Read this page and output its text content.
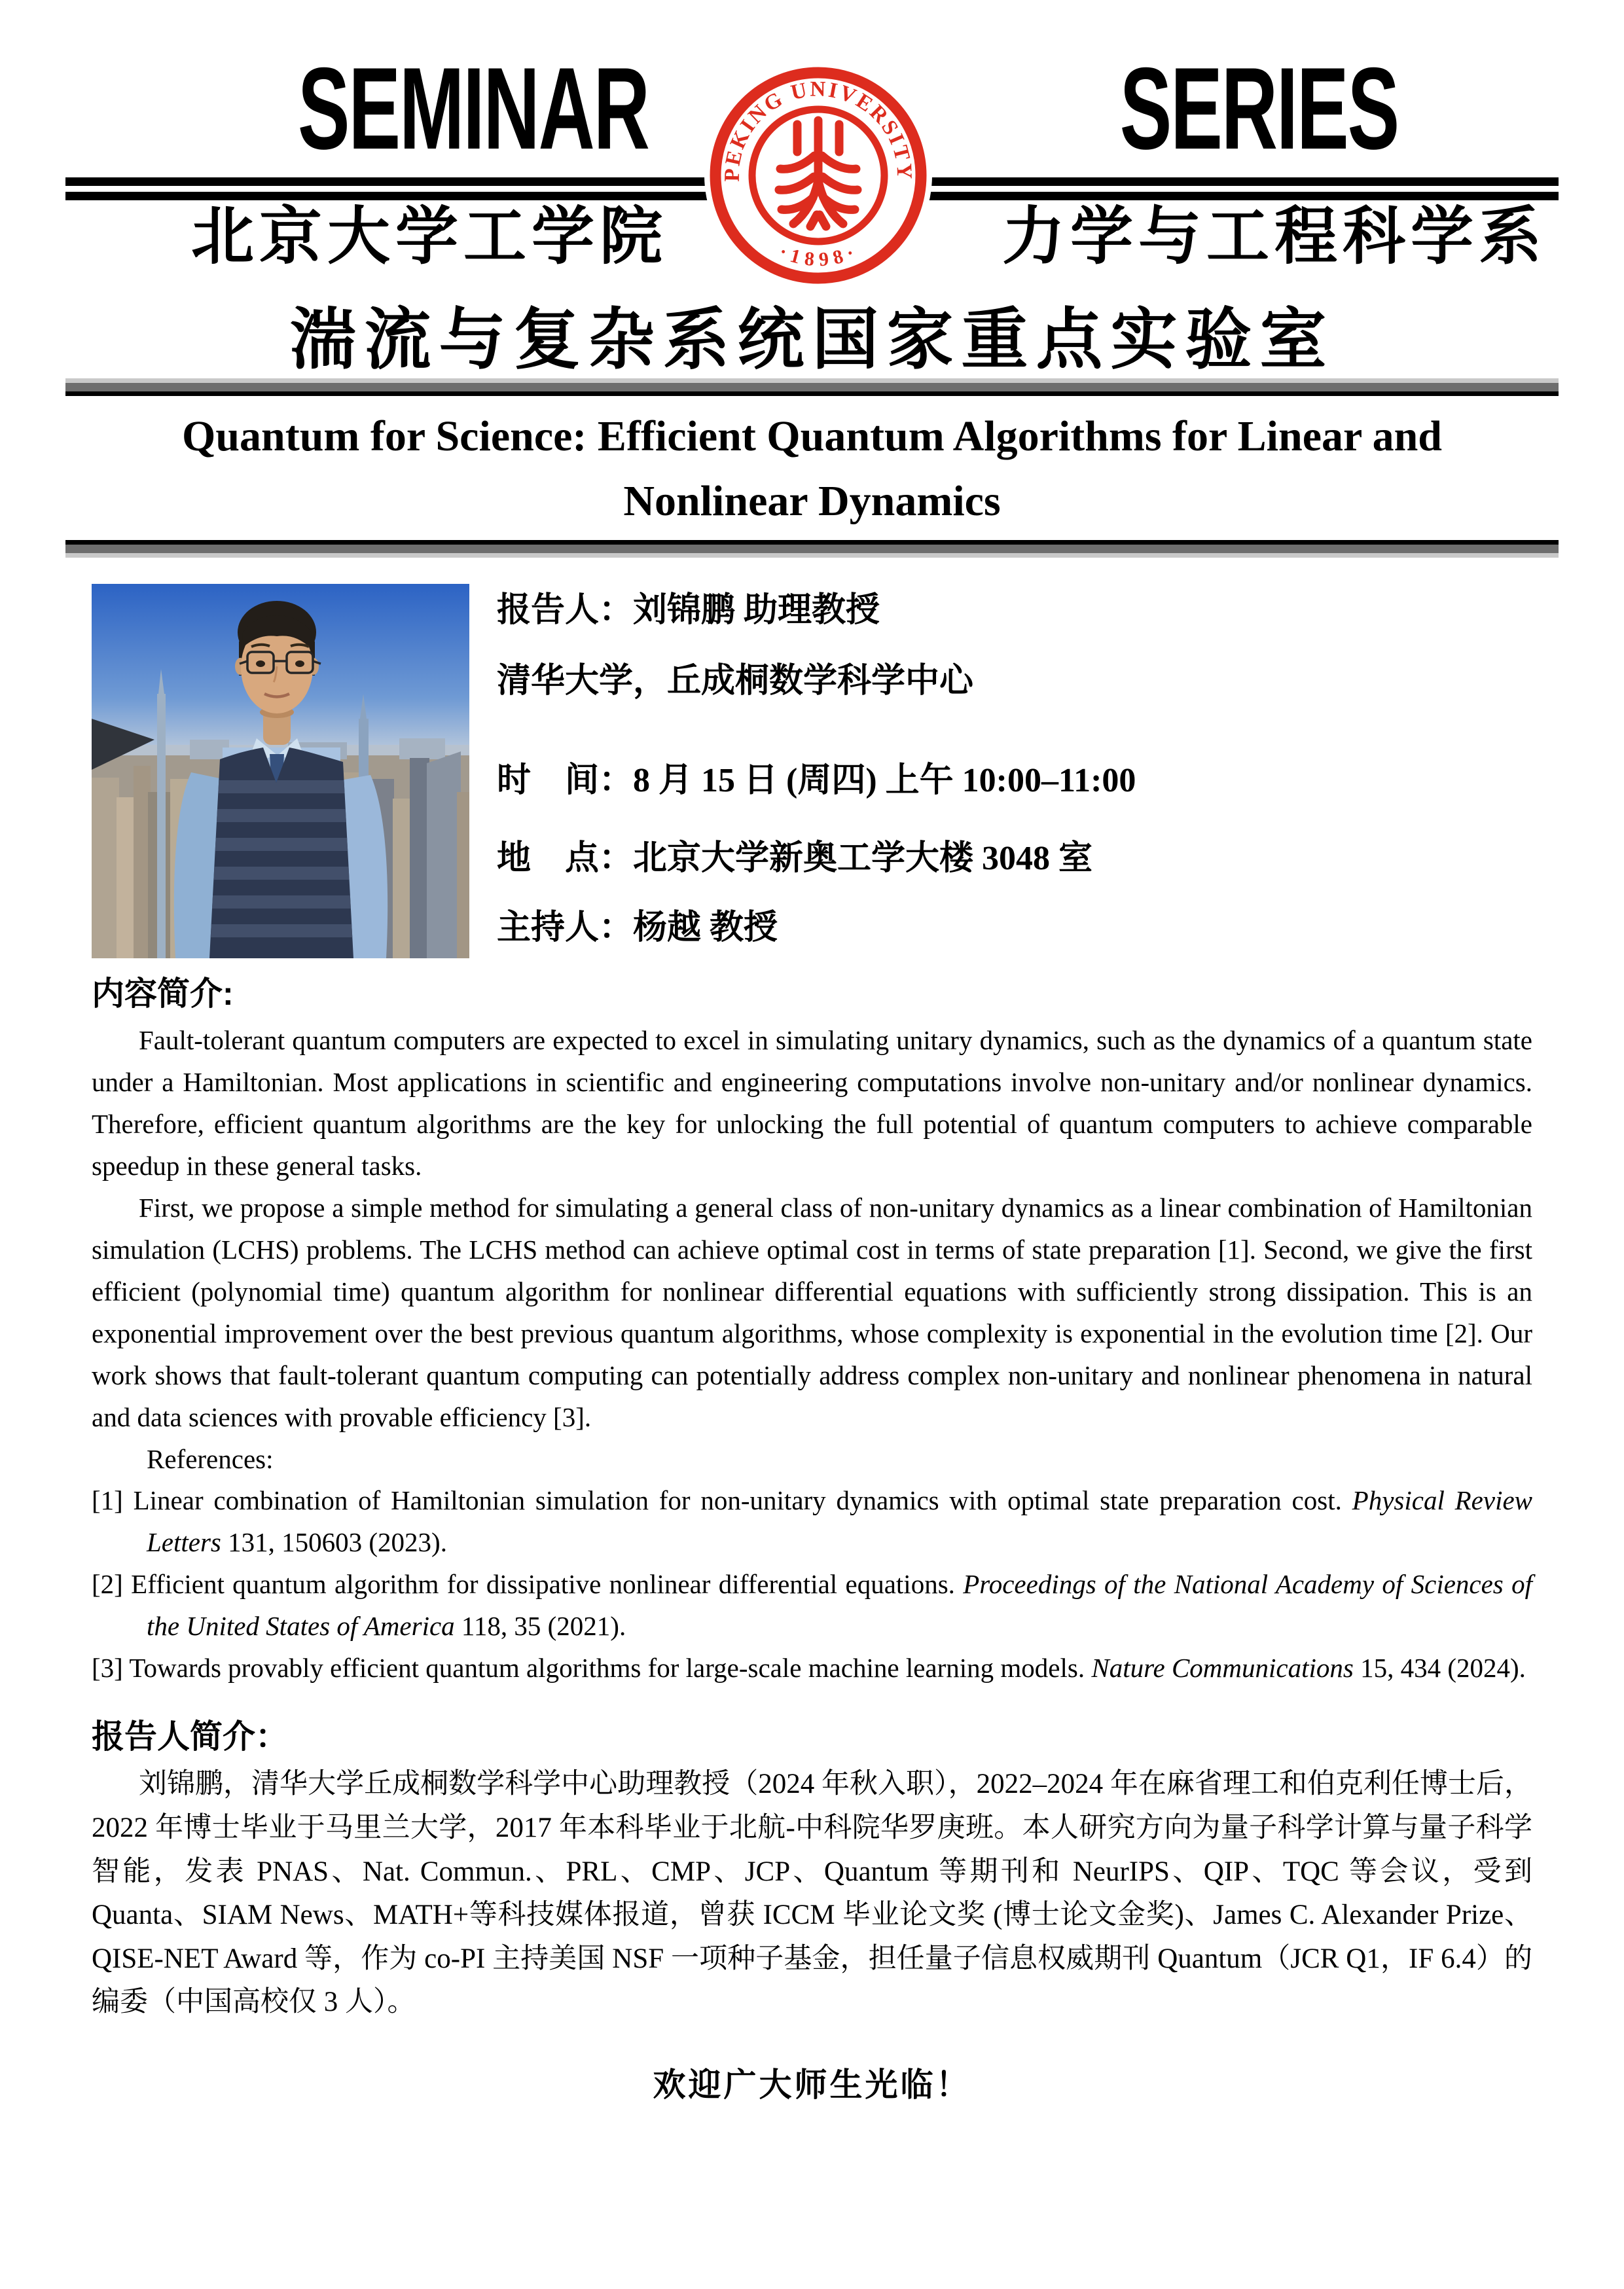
SEMINAR	SERIES
PEKING UNIVERSITY
·1898·
北京大学工学院	力学与工程科学系
湍流与复杂系统国家重点实验室
Quantum for Science: Efficient Quantum Algorithms for Linear and
Nonlinear Dynamics
报告人：刘锦鹏 助理教授
清华大学，丘成桐数学科学中心
时　间：8 月 15 日 (周四) 上午 10:00–11:00
地　点：北京大学新奥工学大楼 3048 室
主持人：杨越 教授
内容简介:

Fault-tolerant quantum computers are expected to excel in simulating unitary dynamics, such as the dynamics of a quantum state under a Hamiltonian. Most applications in scientific and engineering computations involve non-unitary and/or nonlinear dynamics. Therefore, efficient quantum algorithms are the key for unlocking the full potential of quantum computers to achieve comparable speedup in these general tasks.

First, we propose a simple method for simulating a general class of non-unitary dynamics as a linear combination of Hamiltonian simulation (LCHS) problems. The LCHS method can achieve optimal cost in terms of state preparation [1]. Second, we give the first efficient (polynomial time) quantum algorithm for nonlinear differential equations with sufficiently strong dissipation. This is an exponential improvement over the best previous quantum algorithms, whose complexity is exponential in the evolution time [2]. Our work shows that fault-tolerant quantum computing can potentially address complex non-unitary and nonlinear phenomena in natural and data sciences with provable efficiency [3].

References:

[1] Linear combination of Hamiltonian simulation for non-unitary dynamics with optimal state preparation cost. Physical Review Letters 131, 150603 (2023).
[2] Efficient quantum algorithm for dissipative nonlinear differential equations. Proceedings of the National Academy of Sciences of the United States of America 118, 35 (2021).
[3] Towards provably efficient quantum algorithms for large-scale machine learning models. Nature Communications 15, 434 (2024).
报告人简介：

刘锦鹏，清华大学丘成桐数学科学中心助理教授（2024 年秋入职），2022–2024 年在麻省理工和伯克利任博士后，2022 年博士毕业于马里兰大学，2017 年本科毕业于北航-中科院华罗庚班。本人研究方向为量子科学计算与量子科学智能，发表 PNAS、Nat. Commun.、PRL、CMP、JCP、Quantum 等期刊和 NeurIPS、QIP、TQC 等会议，受到 Quanta、SIAM News、MATH+等科技媒体报道，曾获 ICCM 毕业论文奖 (博士论文金奖)、James C. Alexander Prize、QISE-NET Award 等，作为 co-PI 主持美国 NSF 一项种子基金，担任量子信息权威期刊 Quantum（JCR Q1，IF 6.4）的编委（中国高校仅 3 人）。

欢迎广大师生光临！
